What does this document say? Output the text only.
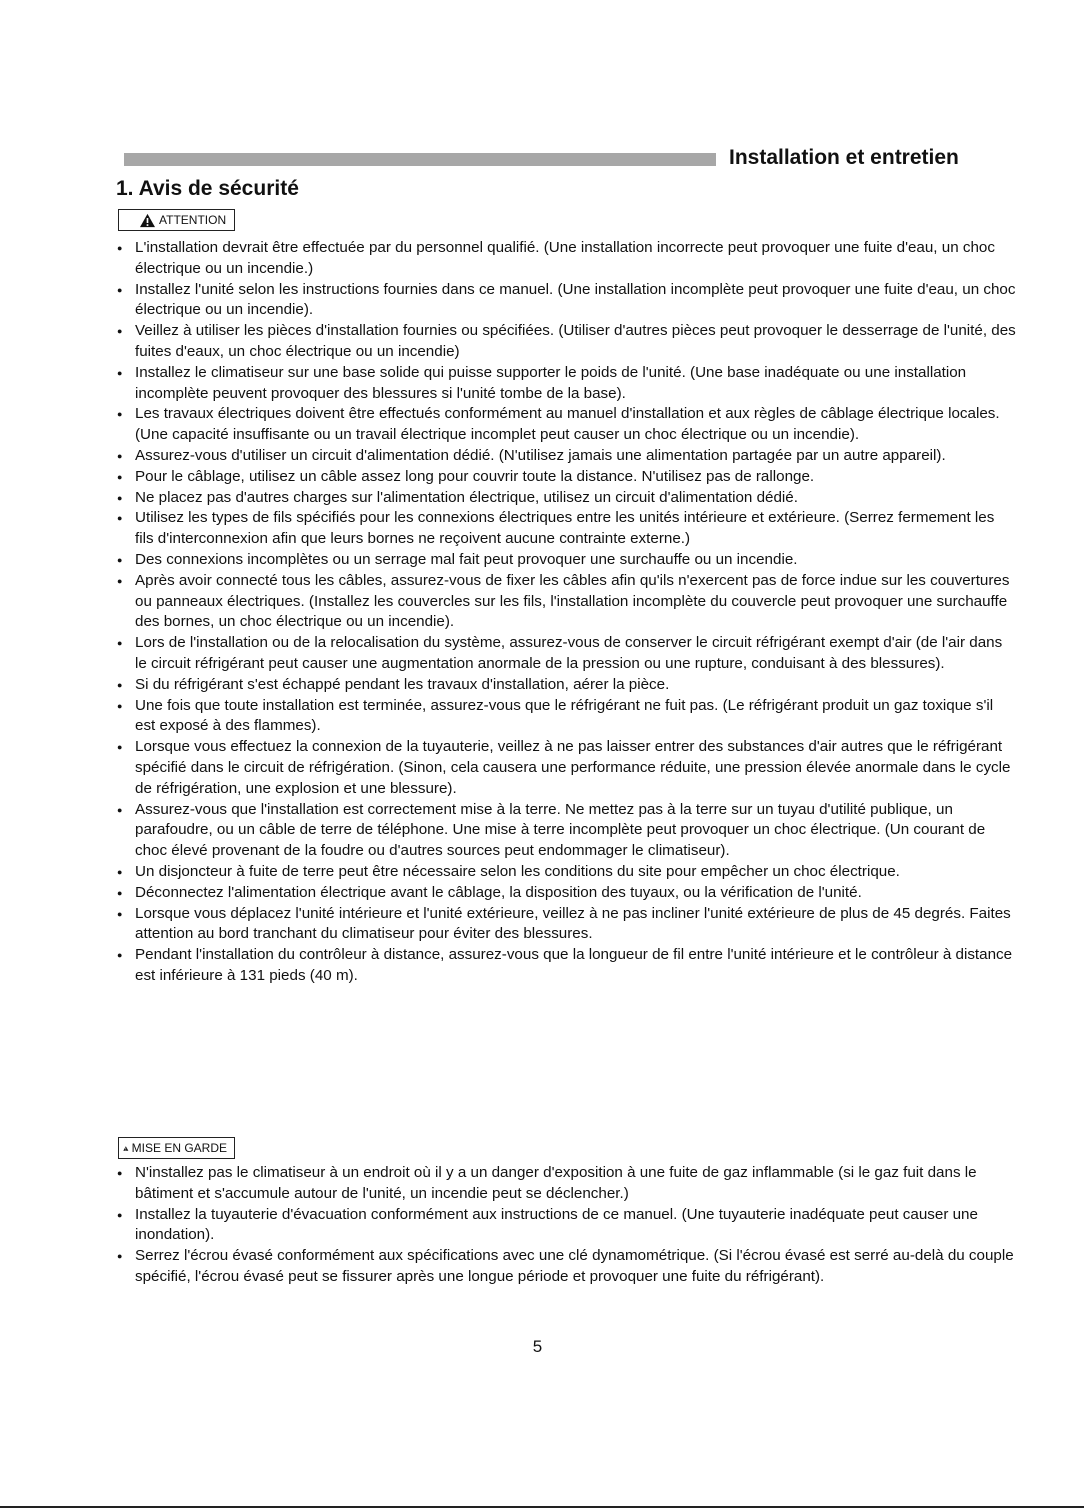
Installation et entretien
1. Avis de sécurité
ATTENTION
● L'installation devrait être effectuée par du personnel qualifié. (Une installation incorrecte peut provoquer une fuite d'eau, un choc électrique ou un incendie.)
● Installez l'unité selon les instructions fournies dans ce manuel. (Une installation incomplète peut provoquer une fuite d'eau, un choc électrique ou un incendie).
● Veillez à utiliser les pièces d'installation fournies ou spécifiées. (Utiliser d'autres pièces peut provoquer le desserrage de l'unité, des fuites d'eaux, un choc électrique ou un incendie)
● Installez le climatiseur sur une base solide qui puisse supporter le poids de l'unité. (Une base inadéquate ou une installation incomplète peuvent provoquer des blessures si l'unité tombe de la base).
● Les travaux électriques doivent être effectués conformément au manuel d'installation et aux règles de câblage électrique locales. (Une capacité insuffisante ou un travail électrique incomplet peut causer un choc électrique ou un incendie).
● Assurez-vous d'utiliser un circuit d'alimentation dédié. (N'utilisez jamais une alimentation partagée par un autre appareil).
● Pour le câblage, utilisez un câble assez long pour couvrir toute la distance. N'utilisez pas de rallonge.
● Ne placez pas d'autres charges sur l'alimentation électrique, utilisez un circuit d'alimentation dédié.
● Utilisez les types de fils spécifiés pour les connexions électriques entre les unités intérieure et extérieure. (Serrez fermement les fils d'interconnexion afin que leurs bornes ne reçoivent aucune contrainte externe.)
● Des connexions incomplètes ou un serrage mal fait peut provoquer une surchauffe ou un incendie.
● Après avoir connecté tous les câbles, assurez-vous de fixer les câbles afin qu'ils n'exercent pas de force indue sur les couvertures ou panneaux électriques. (Installez les couvercles sur les fils, l'installation incomplète du couvercle peut provoquer une surchauffe des bornes, un choc électrique ou un incendie).
● Lors de l'installation ou de la relocalisation du système, assurez-vous de conserver le circuit réfrigérant exempt d'air (de l'air dans le circuit réfrigérant peut causer une augmentation anormale de la pression ou une rupture, conduisant à des blessures).
● Si du réfrigérant s'est échappé pendant les travaux d'installation, aérer la pièce.
● Une fois que toute installation est terminée, assurez-vous que le réfrigérant ne fuit pas. (Le réfrigérant produit un gaz toxique s'il est exposé à des flammes).
● Lorsque vous effectuez la connexion de la tuyauterie, veillez à ne pas laisser entrer des substances d'air autres que le réfrigérant spécifié dans le circuit de réfrigération. (Sinon, cela causera une performance réduite, une pression élevée anormale dans le cycle de réfrigération, une explosion et une blessure).
● Assurez-vous que l'installation est correctement mise à la terre. Ne mettez pas à la terre sur un tuyau d'utilité publique, un parafoudre, ou un câble de terre de téléphone. Une mise à terre incomplète peut provoquer un choc électrique. (Un courant de choc élevé provenant de la foudre ou d'autres sources peut endommager le climatiseur).
● Un disjoncteur à fuite de terre peut être nécessaire selon les conditions du site pour empêcher un choc électrique.
● Déconnectez l'alimentation électrique avant le câblage, la disposition des tuyaux, ou la vérification de l'unité.
● Lorsque vous déplacez l'unité intérieure et l'unité extérieure, veillez à ne pas incliner l'unité extérieure de plus de 45 degrés. Faites attention au bord tranchant du climatiseur pour éviter des blessures.
● Pendant l'installation du contrôleur à distance, assurez-vous que la longueur de fil entre l'unité intérieure et le contrôleur à distance est inférieure à 131 pieds (40 m).
MISE EN GARDE
● N'installez pas le climatiseur à un endroit où il y a un danger d'exposition à une fuite de gaz inflammable (si le gaz fuit dans le bâtiment et s'accumule autour de l'unité, un incendie peut se déclencher.)
● Installez la tuyauterie d'évacuation conformément aux instructions de ce manuel. (Une tuyauterie inadéquate peut causer une inondation).
● Serrez l'écrou évasé conformément aux spécifications avec une clé dynamométrique. (Si l'écrou évasé est serré au-delà du couple spécifié, l'écrou évasé peut se fissurer après une longue période et provoquer une fuite du réfrigérant).
5
